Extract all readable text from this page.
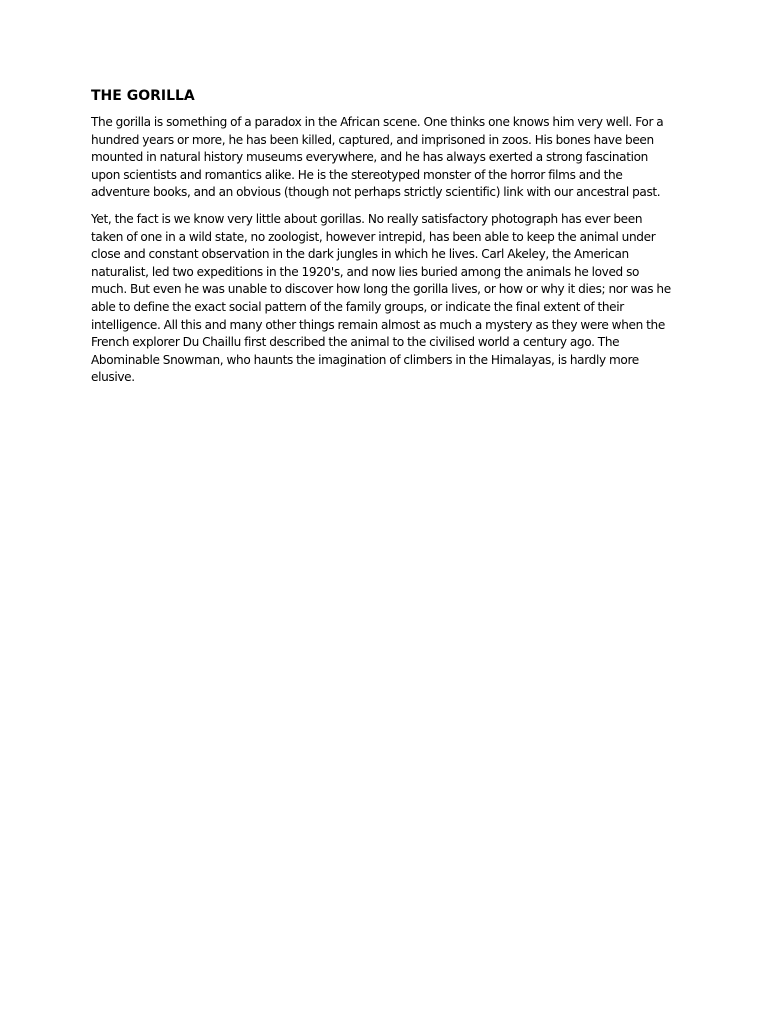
THE GORILLA

The gorilla is something of a paradox in the African scene. One thinks one knows him very well. For a hundred years or more, he has been killed, captured, and imprisoned in zoos. His bones have been mounted in natural history museums everywhere, and he has always exerted a strong fascination upon scientists and romantics alike. He is the stereotyped monster of the horror films and the adventure books, and an obvious (though not perhaps strictly scientific) link with our ancestral past.

Yet, the fact is we know very little about gorillas. No really satisfactory photograph has ever been taken of one in a wild state, no zoologist, however intrepid, has been able to keep the animal under close and constant observation in the dark jungles in which he lives. Carl Akeley, the American naturalist, led two expeditions in the 1920's, and now lies buried among the animals he loved so much. But even he was unable to discover how long the gorilla lives, or how or why it dies; nor was he able to define the exact social pattern of the family groups, or indicate the final extent of their intelligence. All this and many other things remain almost as much a mystery as they were when the French explorer Du Chaillu first described the animal to the civilised world a century ago. The Abominable Snowman, who haunts the imagination of climbers in the Himalayas, is hardly more elusive.
